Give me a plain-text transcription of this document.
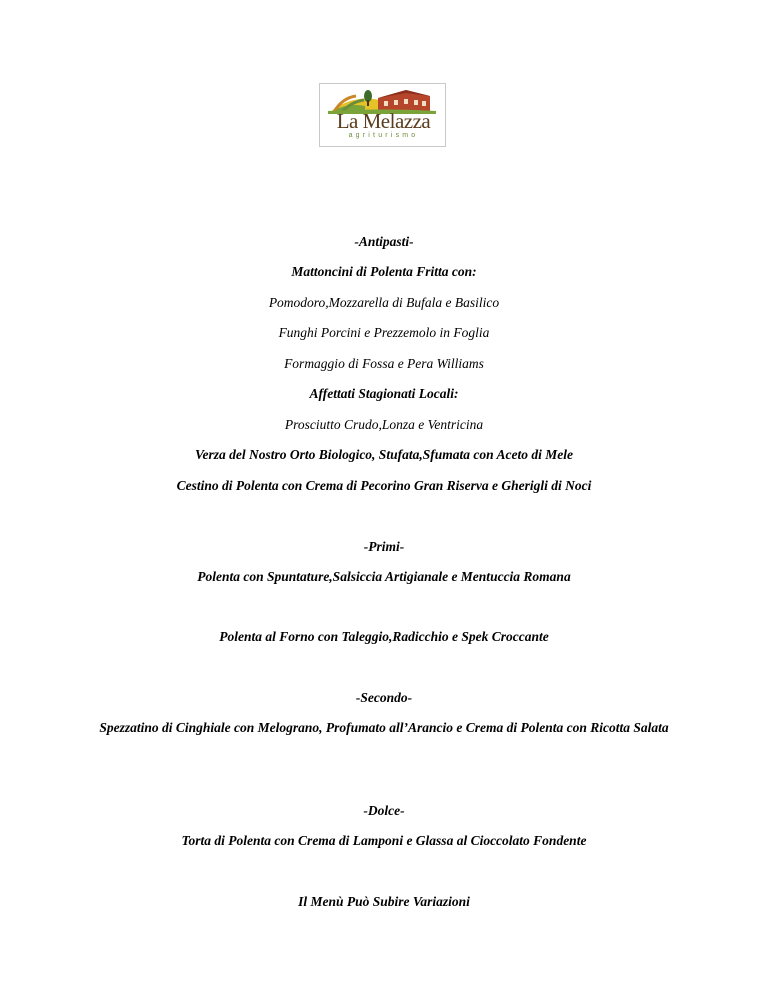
La Melazza
agriturismo
-Antipasti-
Mattoncini di Polenta Fritta con:
Pomodoro,Mozzarella di Bufala e Basilico
Funghi Porcini e Prezzemolo in Foglia
Formaggio di Fossa e Pera Williams
Affettati Stagionati Locali:
Prosciutto Crudo,Lonza e Ventricina
Verza del Nostro Orto Biologico, Stufata,Sfumata con Aceto di Mele
Cestino di Polenta con Crema di Pecorino Gran Riserva e Gherigli di Noci
-Primi-
Polenta con Spuntature,Salsiccia Artigianale e Mentuccia Romana
Polenta al Forno con Taleggio,Radicchio e Spek Croccante
-Secondo-
Spezzatino di Cinghiale con Melograno, Profumato all’Arancio e Crema di Polenta con Ricotta Salata
-Dolce-
Torta di Polenta con Crema di Lamponi e Glassa al Cioccolato Fondente
Il Menù Può Subire Variazioni
